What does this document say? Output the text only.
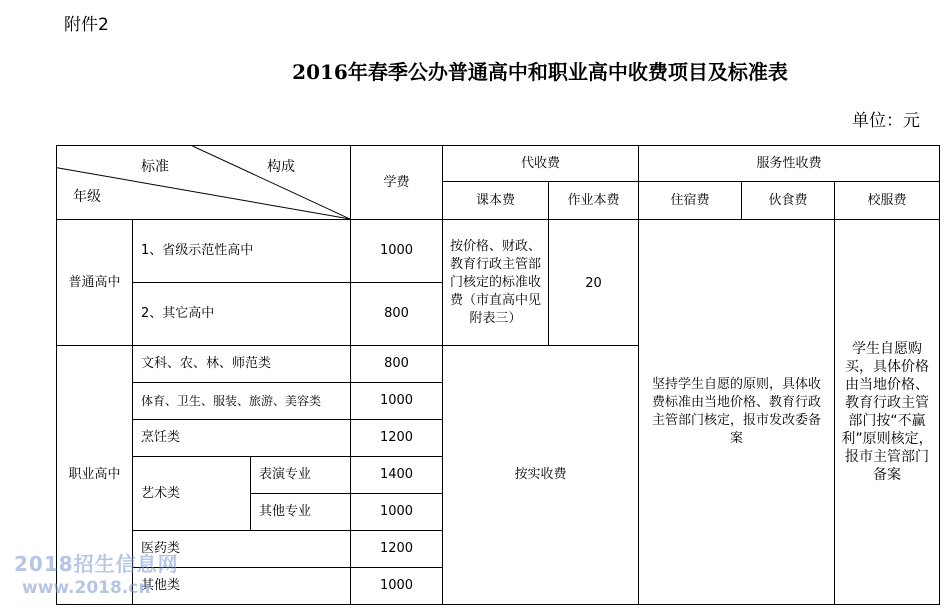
附件2
2016年春季公办普通高中和职业高中收费项目及标准表
单位：元
标准 构成
年级			学费	代收费		服务性收费		
				课本费	作业本费	住宿费	伙食费	校服费
普通高中	1、省级示范性高中		1000	按价格、财政、教育行政主管部门核定的标准收费（市直高中见附表三）	20	坚持学生自愿的原则，具体收费标准由当地价格、教育行政主管部门核定，报市发改委备案		学生自愿购买，具体价格由当地价格、教育行政主管部门按“不赢利”原则核定，报市主管部门备案
	2、其它高中		800					
职业高中	文科、农、林、师范类		800	按实收费				
	体育、卫生、服装、旅游、美容类		1000					
	烹饪类		1200					
	艺术类	表演专业	1400					
		其他专业	1000					
	医药类		1200					
	其他类		1000					
2018招生信息网
www.2018.cn
